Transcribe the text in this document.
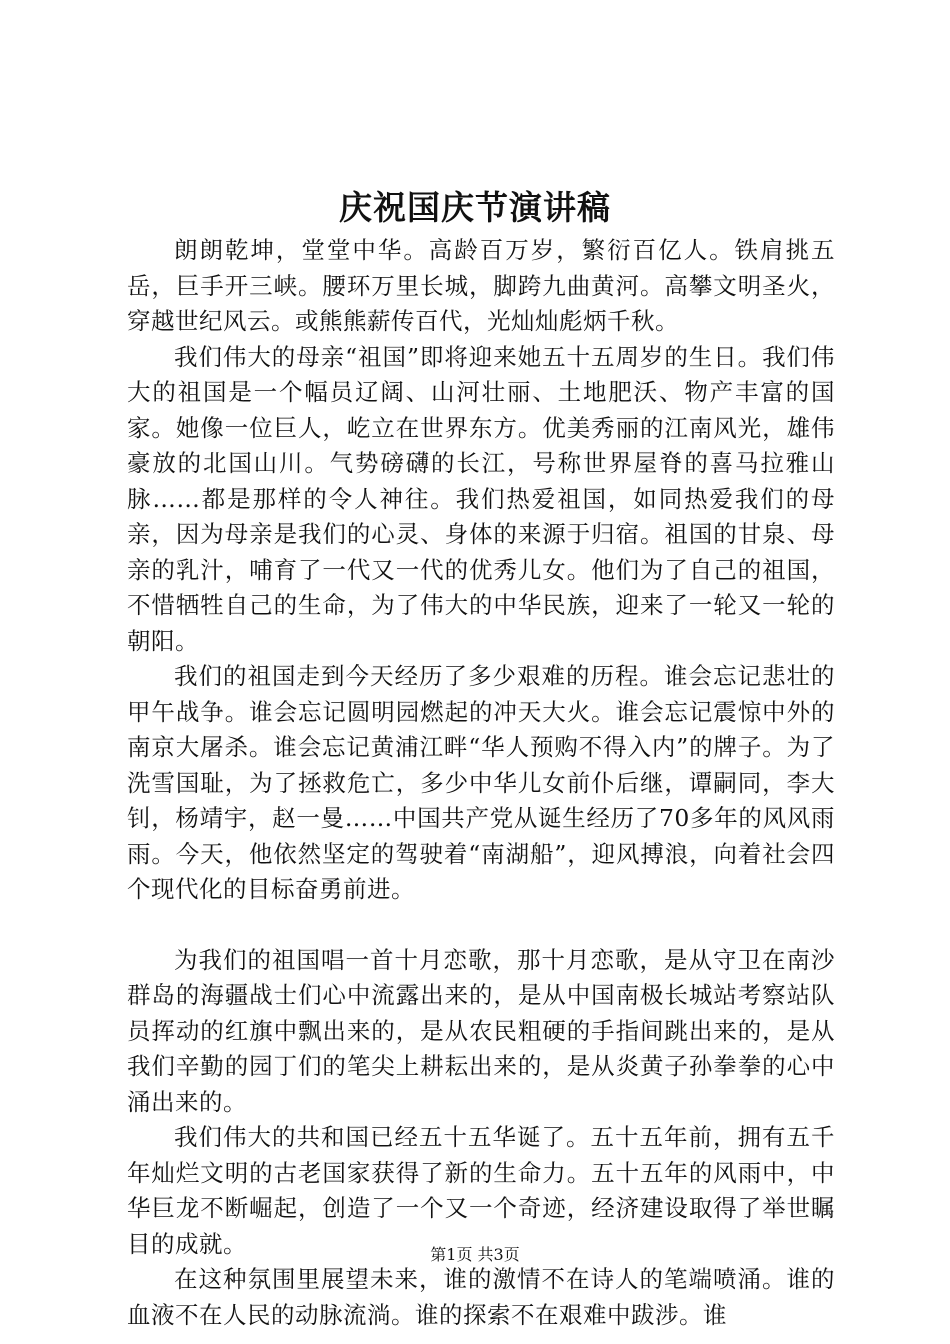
庆祝国庆节演讲稿

朗朗乾坤，堂堂中华。高龄百万岁，繁衍百亿人。铁肩挑五岳，巨手开三峡。腰环万里长城，脚跨九曲黄河。高攀文明圣火，穿越世纪风云。或熊熊薪传百代，光灿灿彪炳千秋。

我们伟大的母亲“祖国”即将迎来她五十五周岁的生日。我们伟大的祖国是一个幅员辽阔、山河壮丽、土地肥沃、物产丰富的国家。她像一位巨人，屹立在世界东方。优美秀丽的江南风光，雄伟豪放的北国山川。气势磅礴的长江，号称世界屋脊的喜马拉雅山脉……都是那样的令人神往。我们热爱祖国，如同热爱我们的母亲，因为母亲是我们的心灵、身体的来源于归宿。祖国的甘泉、母亲的乳汁，哺育了一代又一代的优秀儿女。他们为了自己的祖国，不惜牺牲自己的生命，为了伟大的中华民族，迎来了一轮又一轮的朝阳。

我们的祖国走到今天经历了多少艰难的历程。谁会忘记悲壮的甲午战争。谁会忘记圆明园燃起的冲天大火。谁会忘记震惊中外的南京大屠杀。谁会忘记黄浦江畔“华人预购不得入内”的牌子。为了洗雪国耻，为了拯救危亡，多少中华儿女前仆后继，谭嗣同，李大钊，杨靖宇，赵一曼……中国共产党从诞生经历了70多年的风风雨雨。今天，他依然坚定的驾驶着“南湖船”，迎风搏浪，向着社会四个现代化的目标奋勇前进。

为我们的祖国唱一首十月恋歌，那十月恋歌，是从守卫在南沙群岛的海疆战士们心中流露出来的，是从中国南极长城站考察站队员挥动的红旗中飘出来的，是从农民粗硬的手指间跳出来的，是从我们辛勤的园丁们的笔尖上耕耘出来的，是从炎黄子孙拳拳的心中涌出来的。

我们伟大的共和国已经五十五华诞了。五十五年前，拥有五千年灿烂文明的古老国家获得了新的生命力。五十五年的风雨中，中华巨龙不断崛起，创造了一个又一个奇迹，经济建设取得了举世瞩目的成就。

在这种氛围里展望未来，谁的激情不在诗人的笔端喷涌。谁的血液不在人民的动脉流淌。谁的探索不在艰难中跋涉。谁

第1页 共3页
